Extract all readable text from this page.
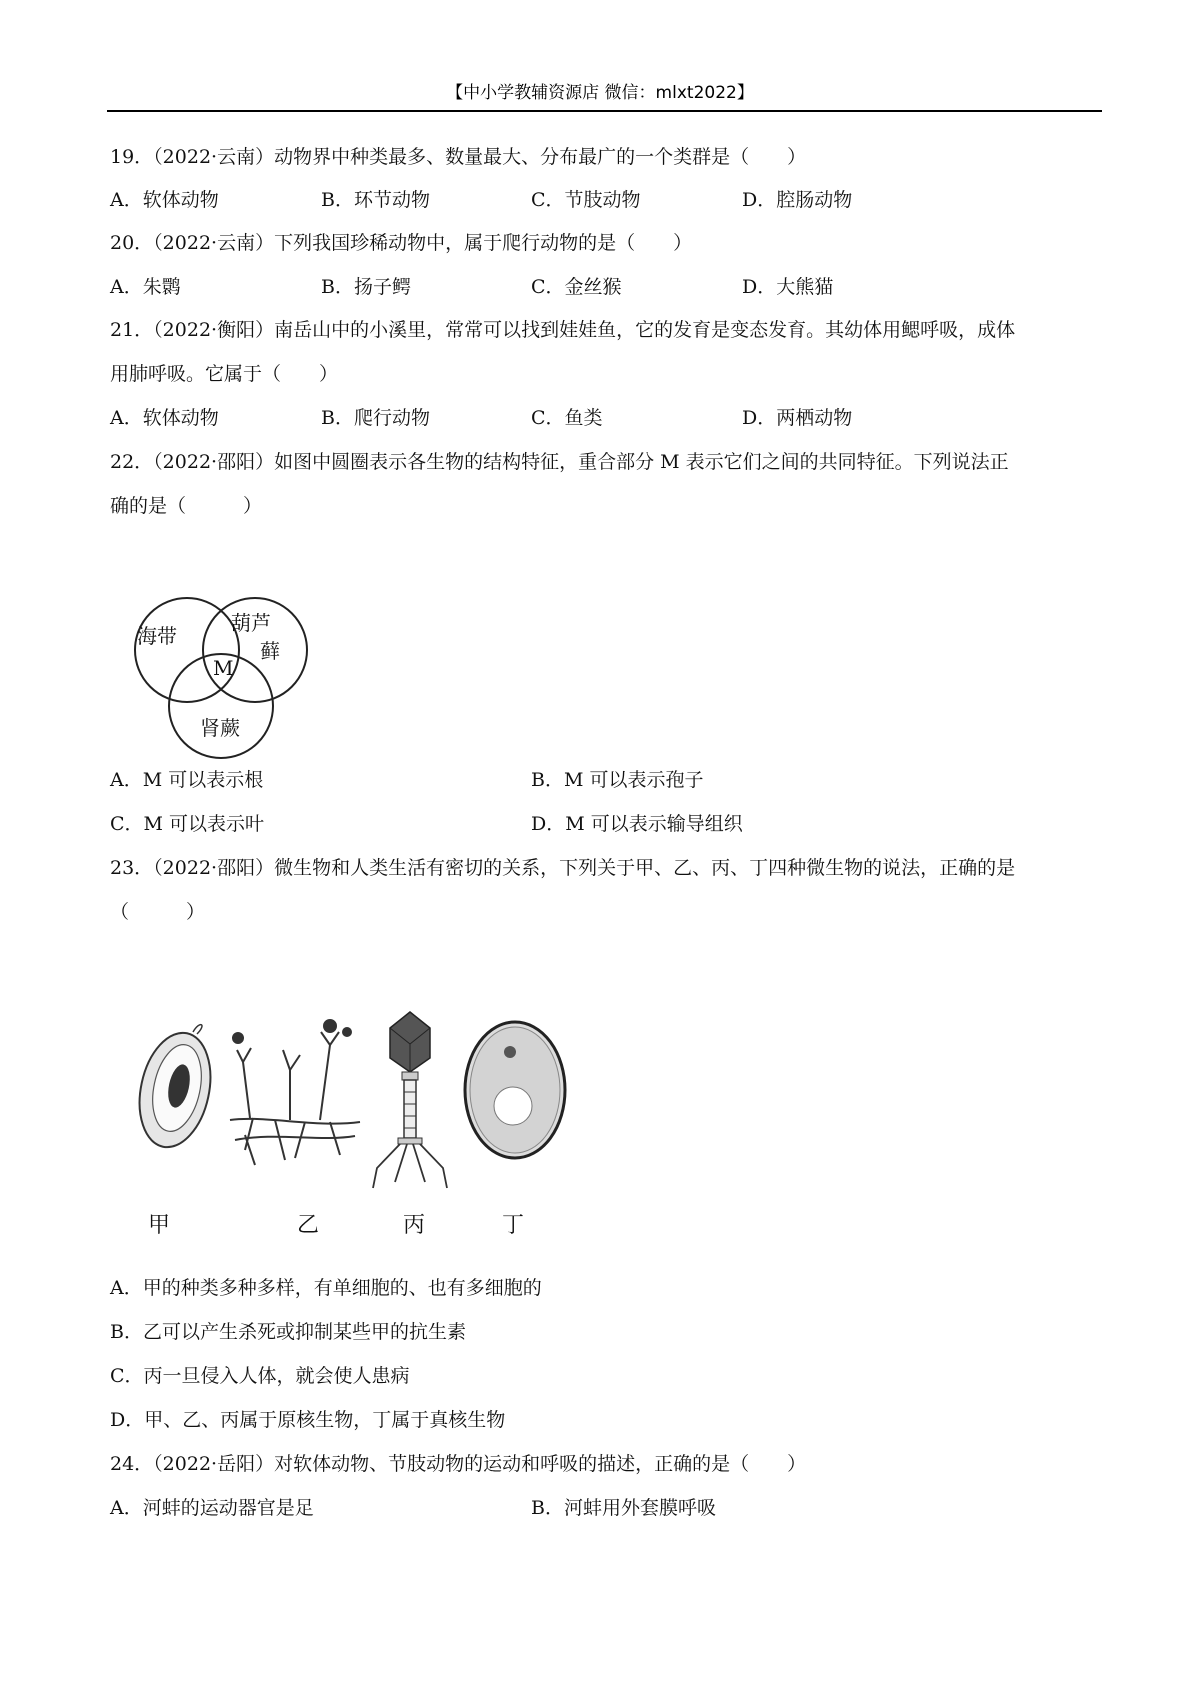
【中小学教辅资源店 微信：mlxt2022】
19．（2022·云南）动物界中种类最多、数量最大、分布最广的一个类群是（　　）
A．软体动物	B．环节动物	C．节肢动物	D．腔肠动物
20．（2022·云南）下列我国珍稀动物中，属于爬行动物的是（　　）
A．朱鹮	B．扬子鳄	C．金丝猴	D．大熊猫
21．（2022·衡阳）南岳山中的小溪里，常常可以找到娃娃鱼，它的发育是变态发育。其幼体用鳃呼吸，成体
用肺呼吸。它属于（　　）
A．软体动物	B．爬行动物	C．鱼类	D．两栖动物
22．（2022·邵阳）如图中圆圈表示各生物的结构特征，重合部分 M 表示它们之间的共同特征。下列说法正
确的是（　　　）
海带
葫芦
藓
肾蕨
M
A．M 可以表示根	B．M 可以表示孢子
C．M 可以表示叶	D．M 可以表示输导组织
23．（2022·邵阳）微生物和人类生活有密切的关系，下列关于甲、乙、丙、丁四种微生物的说法，正确的是
（　　　）
甲	乙	丙	丁
A．甲的种类多种多样，有单细胞的、也有多细胞的
B．乙可以产生杀死或抑制某些甲的抗生素
C．丙一旦侵入人体，就会使人患病
D．甲、乙、丙属于原核生物，丁属于真核生物
24．（2022·岳阳）对软体动物、节肢动物的运动和呼吸的描述，正确的是（　　）
A．河蚌的运动器官是足	B．河蚌用外套膜呼吸
